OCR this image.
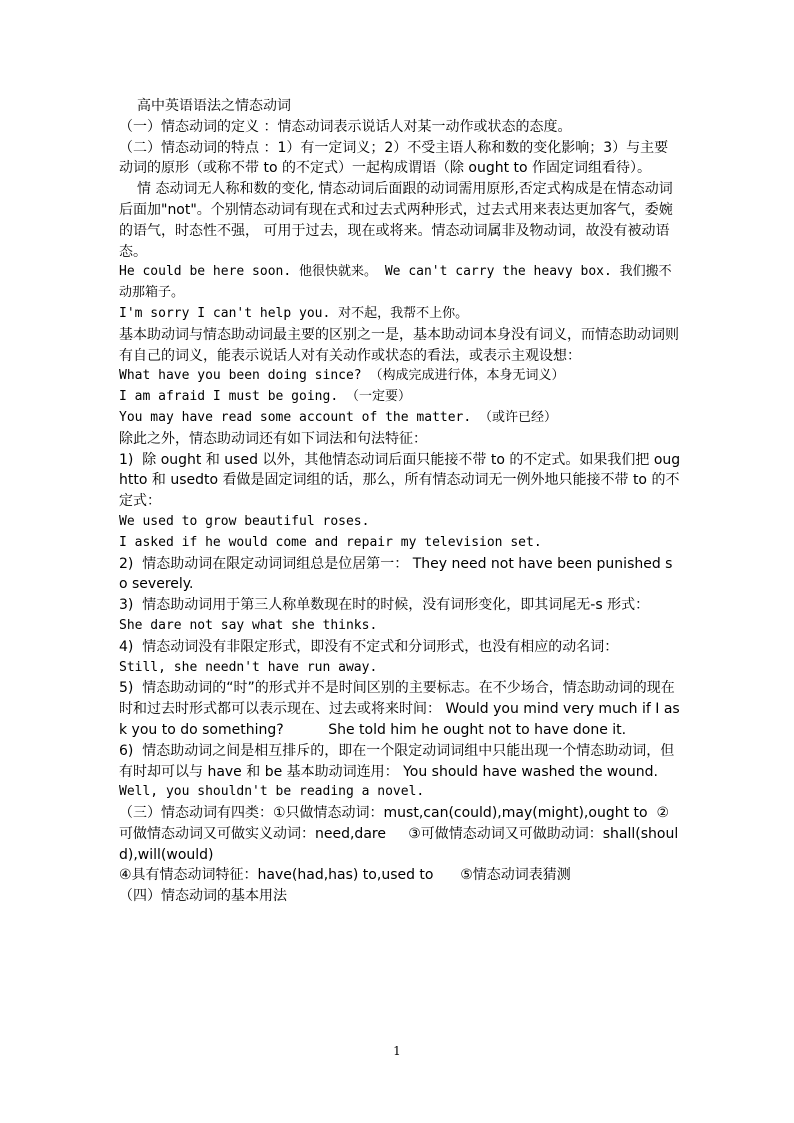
高中英语语法之情态动词

（一）情态动词的定义 ：情态动词表示说话人对某一动作或状态的态度。

（二）情态动词的特点 ：1）有一定词义；2）不受主语人称和数的变化影响；3）与主要动词的原形（或称不带 to 的不定式）一起构成谓语（除 ought to 作固定词组看待）。

情 态动词无人称和数的变化, 情态动词后面跟的动词需用原形,否定式构成是在情态动词后面加"not"。个别情态动词有现在式和过去式两种形式，过去式用来表达更加客气，委婉的语气，时态性不强， 可用于过去，现在或将来。情态动词属非及物动词，故没有被动语态。

He could be here soon. 他很快就来。 We can't carry the heavy box. 我们搬不动那箱子。

I'm sorry I can't help you. 对不起，我帮不上你。

基本助动词与情态助动词最主要的区别之一是，基本助动词本身没有词义，而情态助动词则有自己的词义，能表示说话人对有关动作或状态的看法，或表示主观设想：

What have you been doing since? （构成完成进行体，本身无词义）

I am afraid I must be going. （一定要）

You may have read some account of the matter. （或许已经）

除此之外，情态助动词还有如下词法和句法特征：

1)  除 ought 和 used 以外，其他情态动词后面只能接不带 to 的不定式。如果我们把 oughtto 和 usedto 看做是固定词组的话，那么，所有情态动词无一例外地只能接不带 to 的不定式：

We used to grow beautiful roses.

I asked if he would come and repair my television set.

2)  情态助动词在限定动词词组总是位居第一： They need not have been punished so severely.

3)  情态助动词用于第三人称单数现在时的时候，没有词形变化，即其词尾无-s 形式：

She dare not say what she thinks.

4)  情态动词没有非限定形式，即没有不定式和分词形式，也没有相应的动名词：

Still, she needn't have run away.

5)  情态助动词的“时”的形式并不是时间区别的主要标志。在不少场合，情态助动词的现在时和过去时形式都可以表示现在、过去或将来时间： Would you mind very much if I ask you to do something?          She told him he ought not to have done it.

6)  情态助动词之间是相互排斥的，即在一个限定动词词组中只能出现一个情态助动词，但有时却可以与 have 和 be 基本助动词连用： You should have washed the wound.

Well, you shouldn't be reading a novel.

（三）情态动词有四类：①只做情态动词：must,can(could),may(might),ought to  ②可做情态动词又可做实义动词：need,dare     ③可做情态动词又可做助动词：shall(should),will(would)

④具有情态动词特征：have(had,has) to,used to      ⑤情态动词表猜测

（四）情态动词的基本用法

1
